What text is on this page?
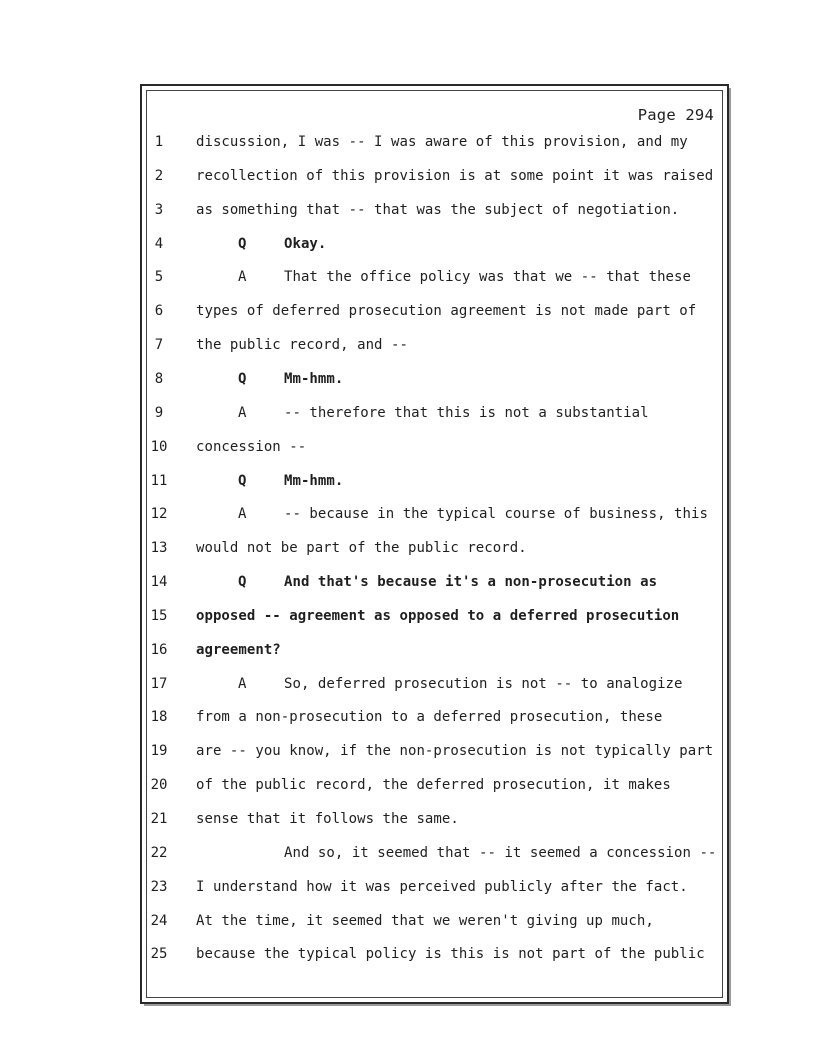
Page 294
1	discussion, I was -- I was aware of this provision, and my
2	recollection of this provision is at some point it was raised
3	as something that -- that was the subject of negotiation.
4	Q	Okay.
5	A	That the office policy was that we -- that these
6	types of deferred prosecution agreement is not made part of
7	the public record, and --
8	Q	Mm-hmm.
9	A	-- therefore that this is not a substantial
10	concession --
11	Q	Mm-hmm.
12	A	-- because in the typical course of business, this
13	would not be part of the public record.
14	Q	And that's because it's a non-prosecution as
15	opposed -- agreement as opposed to a deferred prosecution
16	agreement?
17	A	So, deferred prosecution is not -- to analogize
18	from a non-prosecution to a deferred prosecution, these
19	are -- you know, if the non-prosecution is not typically part
20	of the public record, the deferred prosecution, it makes
21	sense that it follows the same.
22	And so, it seemed that -- it seemed a concession --
23	I understand how it was perceived publicly after the fact.
24	At the time, it seemed that we weren't giving up much,
25	because the typical policy is this is not part of the public
